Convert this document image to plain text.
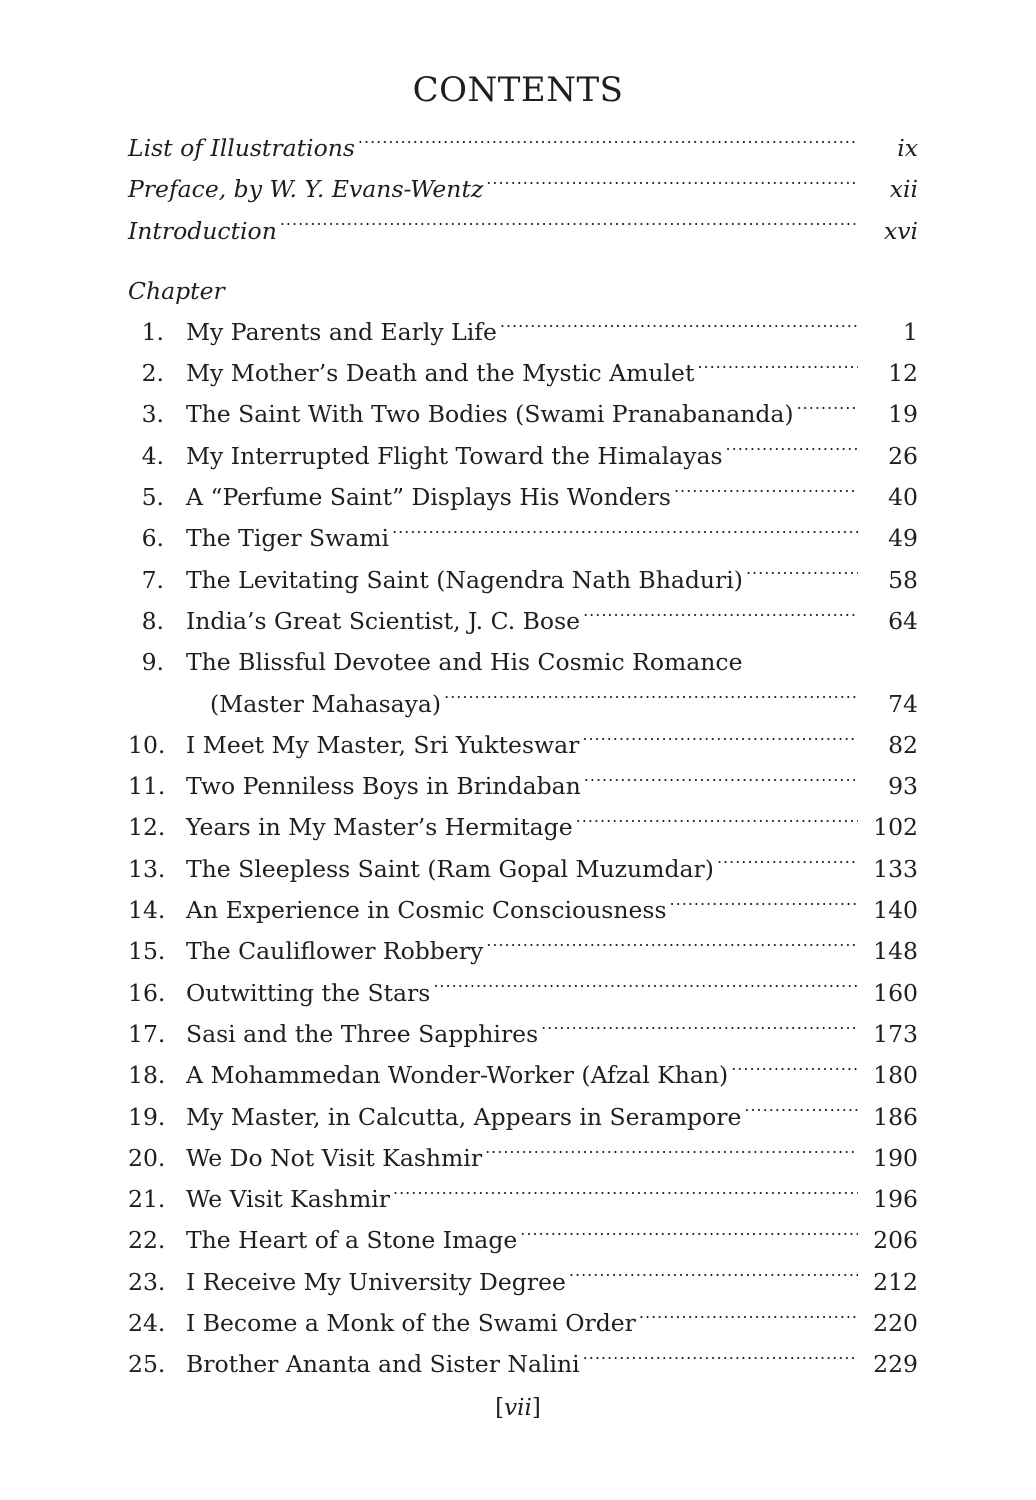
CONTENTS
List of Illustrations .....	ix
Preface, by W. Y. Evans-Wentz .....	xii
Introduction .....	xvi
Chapter
1. My Parents and Early Life .....	1
2. My Mother’s Death and the Mystic Amulet .....	12
3. The Saint With Two Bodies (Swami Pranabananda) .....	19
4. My Interrupted Flight Toward the Himalayas .....	26
5. A “Perfume Saint” Displays His Wonders .....	40
6. The Tiger Swami .....	49
7. The Levitating Saint (Nagendra Nath Bhaduri) .....	58
8. India’s Great Scientist, J. C. Bose .....	64
9. The Blissful Devotee and His Cosmic Romance
(Master Mahasaya) .....	74
10. I Meet My Master, Sri Yukteswar .....	82
11. Two Penniless Boys in Brindaban .....	93
12. Years in My Master’s Hermitage .....	102
13. The Sleepless Saint (Ram Gopal Muzumdar) .....	133
14. An Experience in Cosmic Consciousness .....	140
15. The Cauliflower Robbery .....	148
16. Outwitting the Stars .....	160
17. Sasi and the Three Sapphires .....	173
18. A Mohammedan Wonder-Worker (Afzal Khan) .....	180
19. My Master, in Calcutta, Appears in Serampore .....	186
20. We Do Not Visit Kashmir .....	190
21. We Visit Kashmir .....	196
22. The Heart of a Stone Image .....	206
23. I Receive My University Degree .....	212
24. I Become a Monk of the Swami Order .....	220
25. Brother Ananta and Sister Nalini .....	229
[vii]
